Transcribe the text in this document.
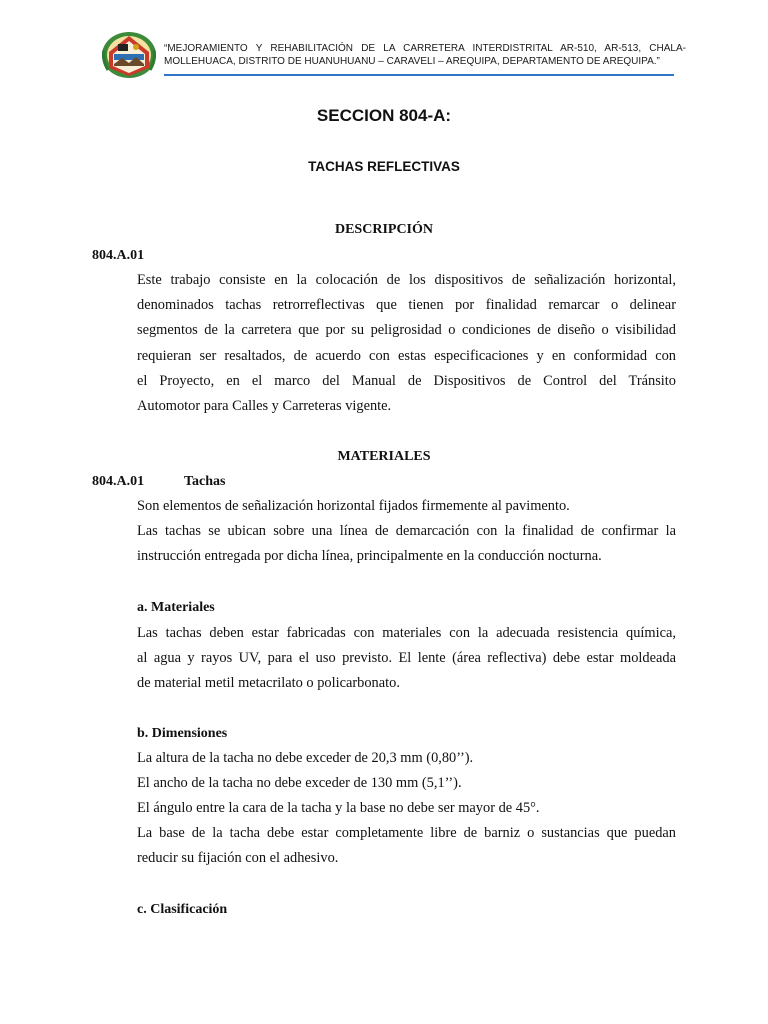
“MEJORAMIENTO Y REHABILITACIÓN DE LA CARRETERA INTERDISTRITAL AR-510, AR-513, CHALA-
MOLLEHUACA, DISTRITO DE HUANUHUANU – CARAVELI – AREQUIPA, DEPARTAMENTO DE AREQUIPA.”
SECCION 804-A:
TACHAS REFLECTIVAS
DESCRIPCIÓN
804.A.01
Este trabajo consiste en la colocación de los dispositivos de señalización horizontal,
denominados tachas retrorreflectivas que tienen por finalidad remarcar o delinear
segmentos de la carretera que por su peligrosidad o condiciones de diseño o visibilidad
requieran ser resaltados, de acuerdo con estas especificaciones y en conformidad con
el Proyecto, en el marco del Manual de Dispositivos de Control del Tránsito
Automotor para Calles y Carreteras vigente.
MATERIALES
804.A.01	Tachas
Son elementos de señalización horizontal fijados firmemente al pavimento.
Las tachas se ubican sobre una línea de demarcación con la finalidad de confirmar la
instrucción entregada por dicha línea, principalmente en la conducción nocturna.
a. Materiales
Las tachas deben estar fabricadas con materiales con la adecuada resistencia química,
al agua y rayos UV, para el uso previsto. El lente (área reflectiva) debe estar moldeada
de material metil metacrilato o policarbonato.
b. Dimensiones
La altura de la tacha no debe exceder de 20,3 mm (0,80’’).
El ancho de la tacha no debe exceder de 130 mm (5,1’’).
El ángulo entre la cara de la tacha y la base no debe ser mayor de 45°.
La base de la tacha debe estar completamente libre de barniz o sustancias que puedan
reducir su fijación con el adhesivo.
c. Clasificación
